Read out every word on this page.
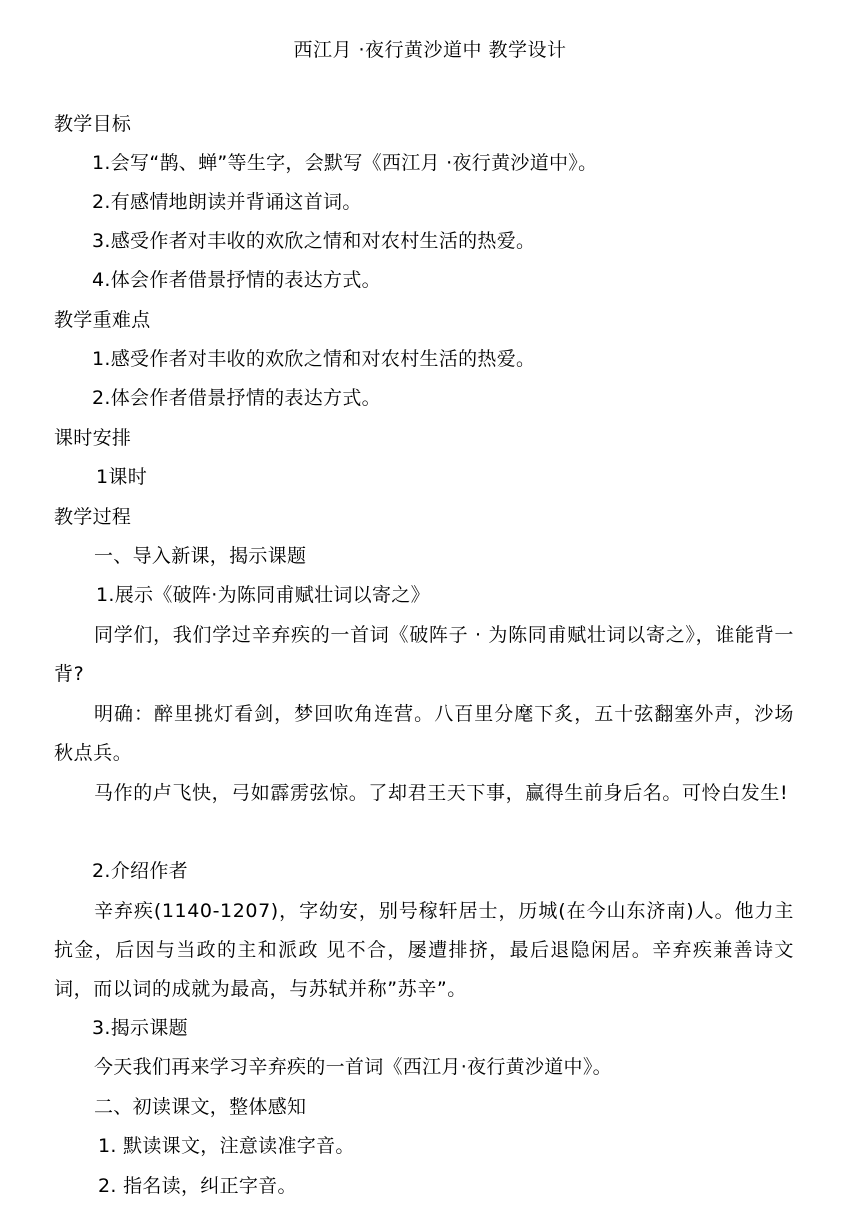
西江月 ·夜行黄沙道中 教学设计
教学目标
1.会写“鹊、蝉”等生字，会默写《西江月 ·夜行黄沙道中》。
2.有感情地朗读并背诵这首词。
3.感受作者对丰收的欢欣之情和对农村生活的热爱。
4.体会作者借景抒情的表达方式。
教学重难点
1.感受作者对丰收的欢欣之情和对农村生活的热爱。
2.体会作者借景抒情的表达方式。
课时安排
1课时
教学过程
一、导入新课，揭示课题
1.展示《破阵·为陈同甫赋壮词以寄之》
同学们，我们学过辛弃疾的一首词《破阵子 · 为陈同甫赋壮词以寄之》，谁能背一背?
明确：醉里挑灯看剑，梦回吹角连营。八百里分麾下炙，五十弦翻塞外声，沙场秋点兵。
马作的卢飞快，弓如霹雳弦惊。了却君王天下事，赢得生前身后名。可怜白发生!
2.介绍作者
辛弃疾(1140-1207)，字幼安，别号稼轩居士，历城(在今山东济南)人。他力主抗金，后因与当政的主和派政 见不合，屡遭排挤，最后退隐闲居。辛弃疾兼善诗文词，而以词的成就为最高，与苏轼并称”苏辛”。
3.揭示课题
今天我们再来学习辛弃疾的一首词《西江月·夜行黄沙道中》。
二、初读课文，整体感知
1. 默读课文，注意读准字音。
2. 指名读，纠正字音。
